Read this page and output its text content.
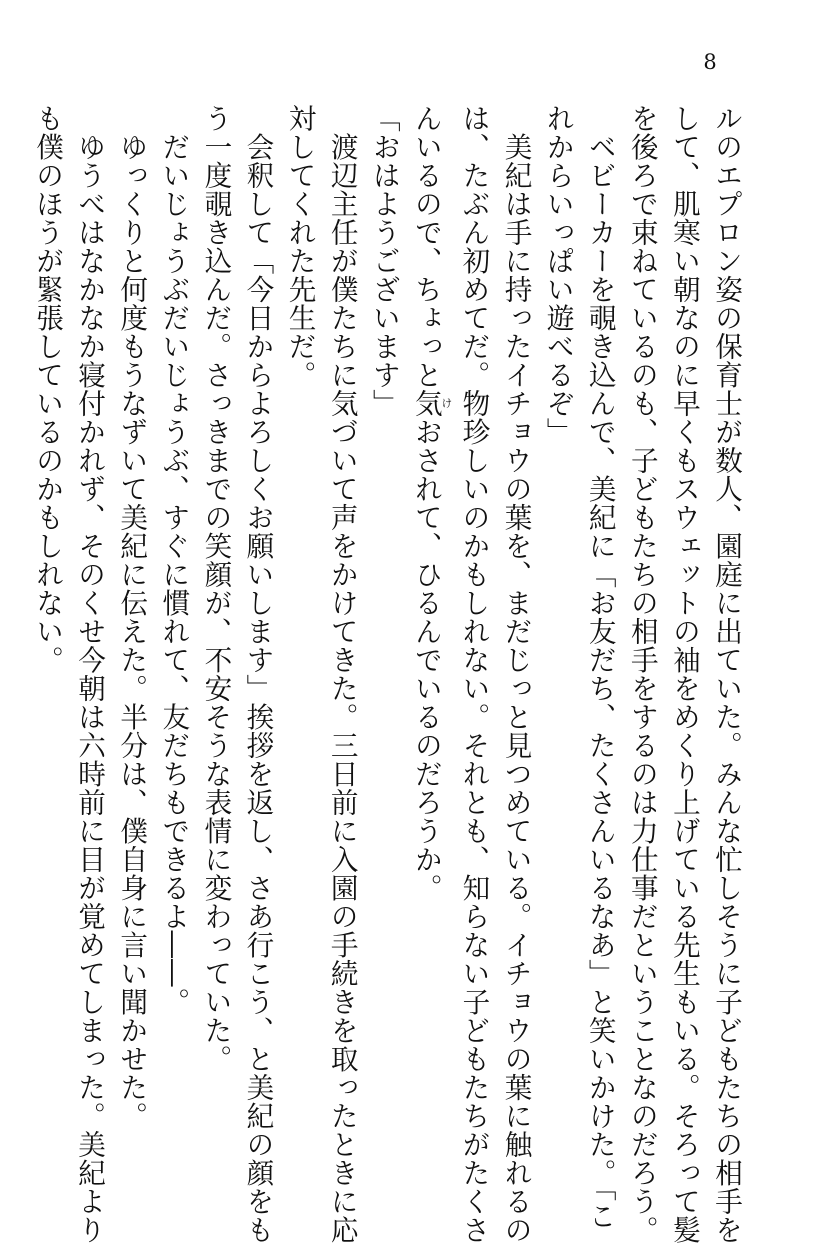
8
ルのエプロン姿の保育士が数人、園庭に出ていた。みんな忙しそうに子どもたちの相手を
して、肌寒い朝なのに早くもスウェットの袖をめくり上げている先生もいる。そろって髪
を後ろで束ねているのも、子どもたちの相手をするのは力仕事だということなのだろう。
　ベビーカーを覗き込んで、美紀に「お友だち、たくさんいるなあ」と笑いかけた。「こ
れからいっぱい遊べるぞ」
　美紀は手に持ったイチョウの葉を、まだじっと見つめている。イチョウの葉に触れるの
は、たぶん初めてだ。物珍しいのかもしれない。それとも、知らない子どもたちがたくさ
んいるので、ちょっと気けおされて、ひるんでいるのだろうか。
「おはようございます」
　渡辺主任が僕たちに気づいて声をかけてきた。三日前に入園の手続きを取ったときに応
対してくれた先生だ。
　会釈して「今日からよろしくお願いします」挨拶を返し、さあ行こう、と美紀の顔をも
う一度覗き込んだ。さっきまでの笑顔が、不安そうな表情に変わっていた。
　だいじょうぶだいじょうぶ、すぐに慣れて、友だちもできるよ――。
　ゆっくりと何度もうなずいて美紀に伝えた。半分は、僕自身に言い聞かせた。
　ゆうべはなかなか寝付かれず、そのくせ今朝は六時前に目が覚めてしまった。美紀より
も僕のほうが緊張しているのかもしれない。
